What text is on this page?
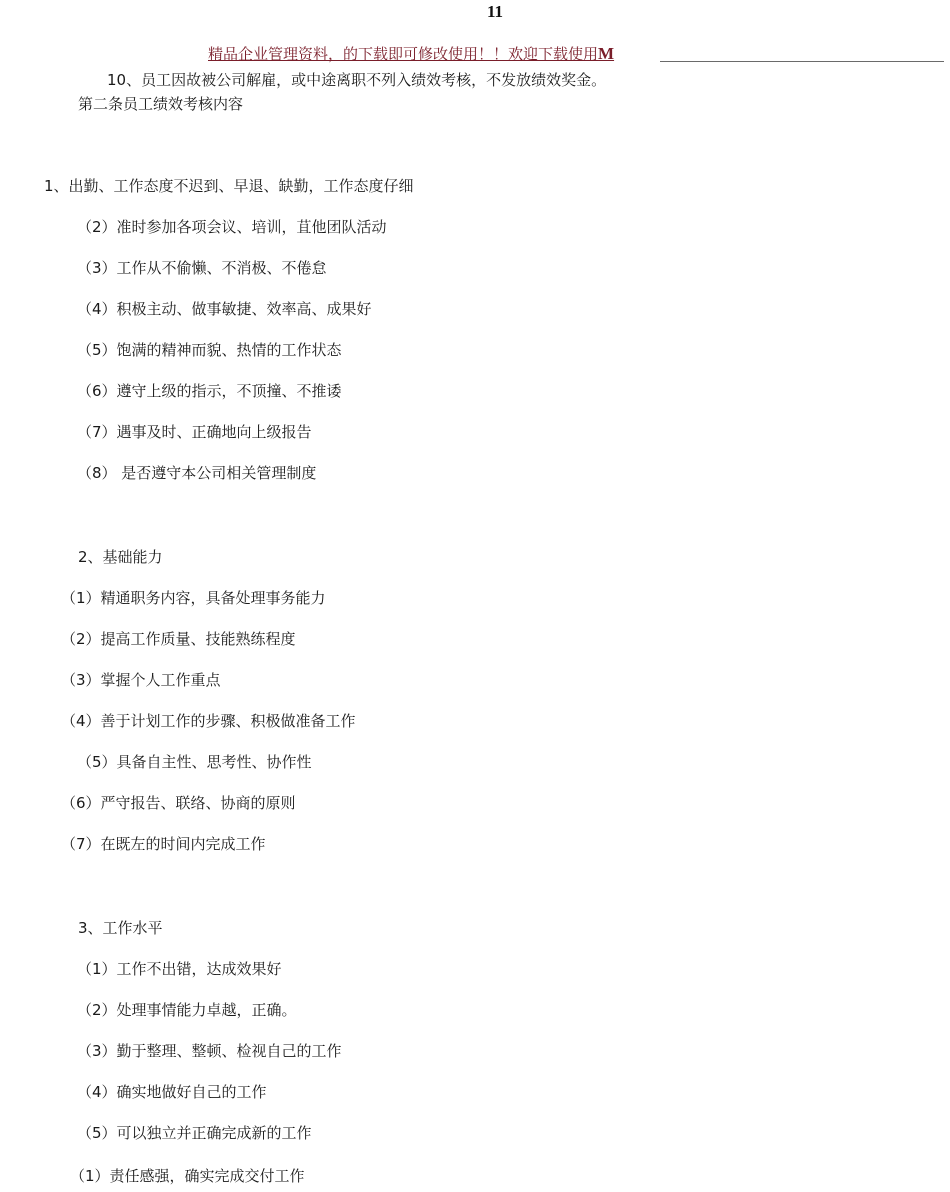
11
精品企业管理资料，的下载即可修改使用！！欢迎下载使用M
10、员工因故被公司解雇，或中途离职不列入绩效考核，不发放绩效奖金。
第二条员工绩效考核内容
1、出勤、工作态度不迟到、早退、缺勤，工作态度仔细
（2）准时参加各项会议、培训，苴他团队活动
（3）工作从不偷懒、不消极、不倦怠
（4）积极主动、做事敏捷、效率高、成果好
（5）饱满的精神而貌、热情的工作状态
（6）遵守上级的指示，不顶撞、不推诿
（7）遇事及时、正确地向上级报告
（8） 是否遵守本公司相关管理制度
2、基础能力
（1）精通职务内容，具备处理事务能力
（2）提高工作质量、技能熟练程度
（3）掌握个人工作重点
（4）善于计划工作的步骤、积极做准备工作
（5）具备自主性、思考性、协作性
（6）严守报告、联络、协商的原则
（7）在既左的时间内完成工作
3、工作水平
（1）工作不出错，达成效果好
（2）处理事情能力卓越，正确。
（3）勤于整理、整顿、检视自己的工作
（4）确实地做好自己的工作
（5）可以独立并正确完成新的工作
（1）责任感强，确实完成交付工作
